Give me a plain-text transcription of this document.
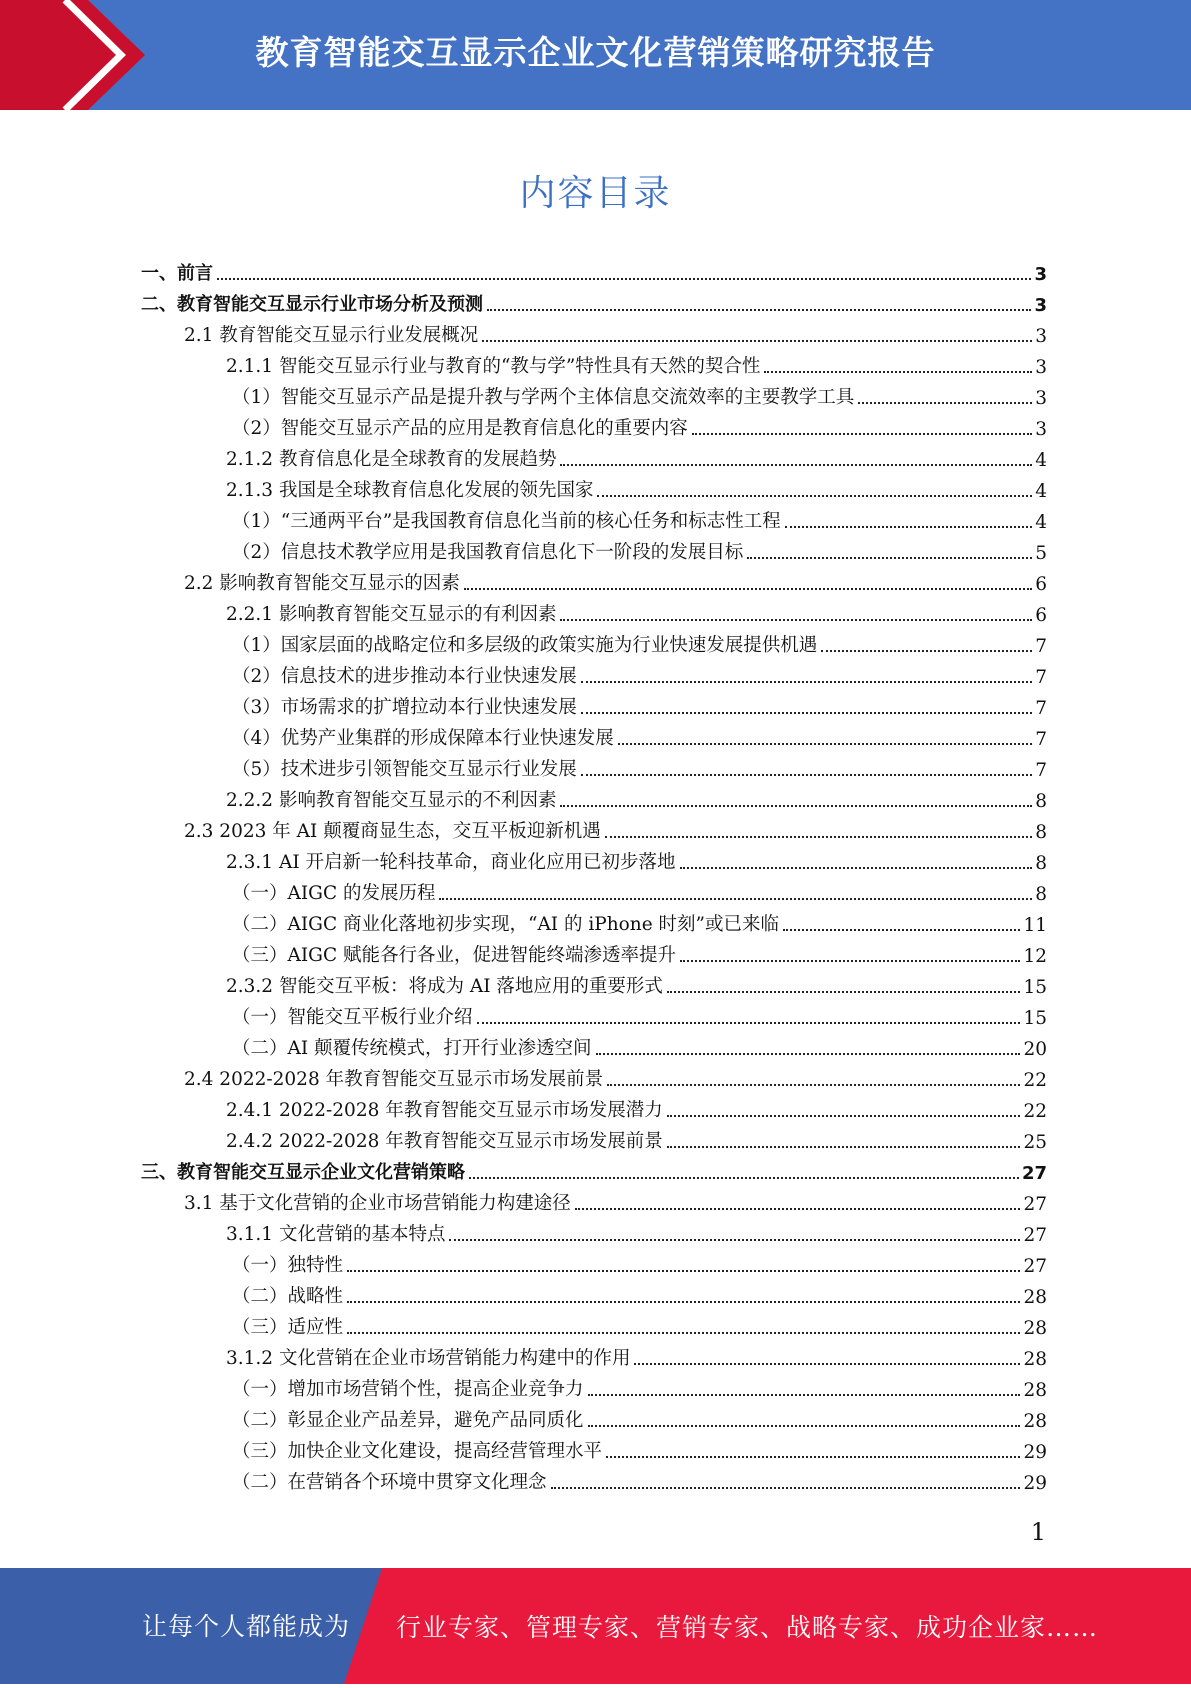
教育智能交互显示企业文化营销策略研究报告
内容目录
一、前言	3
二、教育智能交互显示行业市场分析及预测	3
2.1 教育智能交互显示行业发展概况	3
2.1.1 智能交互显示行业与教育的“教与学”特性具有天然的契合性	3
（1）智能交互显示产品是提升教与学两个主体信息交流效率的主要教学工具	3
（2）智能交互显示产品的应用是教育信息化的重要内容	3
2.1.2 教育信息化是全球教育的发展趋势	4
2.1.3 我国是全球教育信息化发展的领先国家	4
（1）“三通两平台”是我国教育信息化当前的核心任务和标志性工程	4
（2）信息技术教学应用是我国教育信息化下一阶段的发展目标	5
2.2 影响教育智能交互显示的因素	6
2.2.1 影响教育智能交互显示的有利因素	6
（1）国家层面的战略定位和多层级的政策实施为行业快速发展提供机遇	7
（2）信息技术的进步推动本行业快速发展	7
（3）市场需求的扩增拉动本行业快速发展	7
（4）优势产业集群的形成保障本行业快速发展	7
（5）技术进步引领智能交互显示行业发展	7
2.2.2 影响教育智能交互显示的不利因素	8
2.3 2023 年 AI 颠覆商显生态，交互平板迎新机遇	8
2.3.1 AI 开启新一轮科技革命，商业化应用已初步落地	8
（一）AIGC 的发展历程	8
（二）AIGC 商业化落地初步实现，“AI 的 iPhone 时刻”或已来临	11
（三）AIGC 赋能各行各业，促进智能终端渗透率提升	12
2.3.2 智能交互平板：将成为 AI 落地应用的重要形式	15
（一）智能交互平板行业介绍	15
（二）AI 颠覆传统模式，打开行业渗透空间	20
2.4 2022-2028 年教育智能交互显示市场发展前景	22
2.4.1 2022-2028 年教育智能交互显示市场发展潜力	22
2.4.2 2022-2028 年教育智能交互显示市场发展前景	25
三、教育智能交互显示企业文化营销策略	27
3.1 基于文化营销的企业市场营销能力构建途径	27
3.1.1 文化营销的基本特点	27
（一）独特性	27
（二）战略性	28
（三）适应性	28
3.1.2 文化营销在企业市场营销能力构建中的作用	28
（一）增加市场营销个性，提高企业竞争力	28
（二）彰显企业产品差异，避免产品同质化	28
（三）加快企业文化建设，提高经营管理水平	29
（二）在营销各个环境中贯穿文化理念	29
1
让每个人都能成为 行业专家、管理专家、营销专家、战略专家、成功企业家……
